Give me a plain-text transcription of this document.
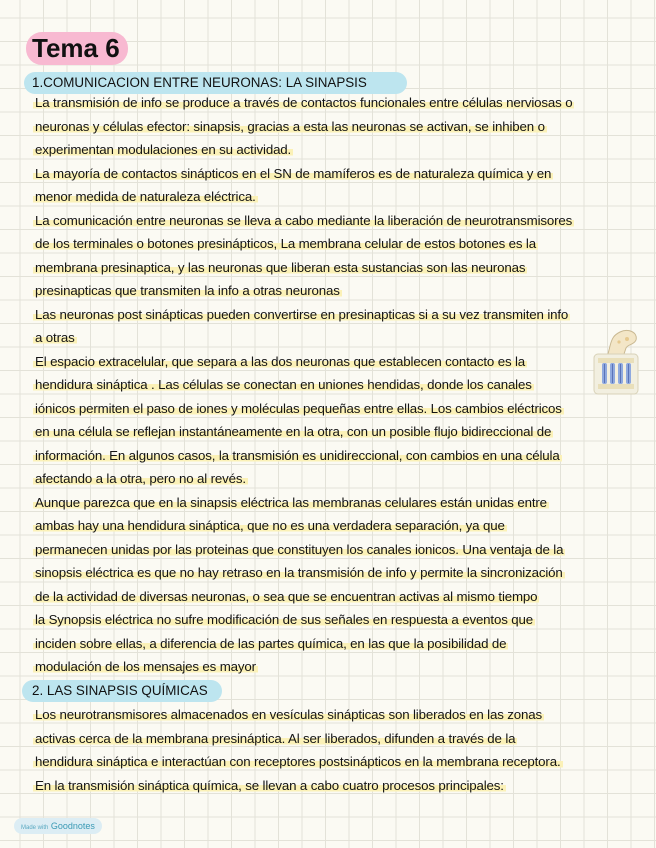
Tema 6
1.COMUNICACION ENTRE NEURONAS: LA SINAPSIS
La transmisión de info se produce a través de contactos funcionales entre células nerviosas o
neuronas y células efector: sinapsis, gracias a esta las neuronas se activan, se inhiben o
experimentan modulaciones en su actividad.
La mayoría de contactos sinápticos en el SN de mamíferos es de naturaleza química y en
menor medida de naturaleza eléctrica.
La comunicación entre neuronas se lleva a cabo mediante la liberación de neurotransmisores
de los terminales o botones presinápticos, La membrana celular de estos botones es la
membrana presinaptica, y las neuronas que liberan esta sustancias son las neuronas
presinapticas que transmiten la info a otras neuronas
Las neuronas post sinápticas pueden convertirse en presinapticas si a su vez transmiten info
a otras
El espacio extracelular, que separa a las dos neuronas que establecen contacto es la
hendidura sináptica . Las células se conectan en uniones hendidas, donde los canales
iónicos permiten el paso de iones y moléculas pequeñas entre ellas. Los cambios eléctricos
en una célula se reflejan instantáneamente en la otra, con un posible flujo bidireccional de
información. En algunos casos, la transmisión es unidireccional, con cambios en una célula
afectando a la otra, pero no al revés.
Aunque parezca que en la sinapsis eléctrica las membranas celulares están unidas entre
ambas hay una hendidura sináptica, que no es una verdadera separación, ya que
permanecen unidas por las proteinas que constituyen los canales ionicos. Una ventaja de la
sinopsis eléctrica es que no hay retraso en la transmisión de info y permite la sincronización
de la actividad de diversas neuronas, o sea que se encuentran activas al mismo tiempo
la Synopsis eléctrica no sufre modificación de sus señales en respuesta a eventos que
inciden sobre ellas, a diferencia de las partes química, en las que la posibilidad de
modulación de los mensajes es mayor
2. LAS SINAPSIS QUÍMICAS
Los neurotransmisores almacenados en vesículas sinápticas son liberados en las zonas
activas cerca de la membrana presináptica. Al ser liberados, difunden a través de la
hendidura sináptica e interactúan con receptores postsinápticos en la membrana receptora.
En la transmisión sináptica química, se llevan a cabo cuatro procesos principales:
Made with Goodnotes
